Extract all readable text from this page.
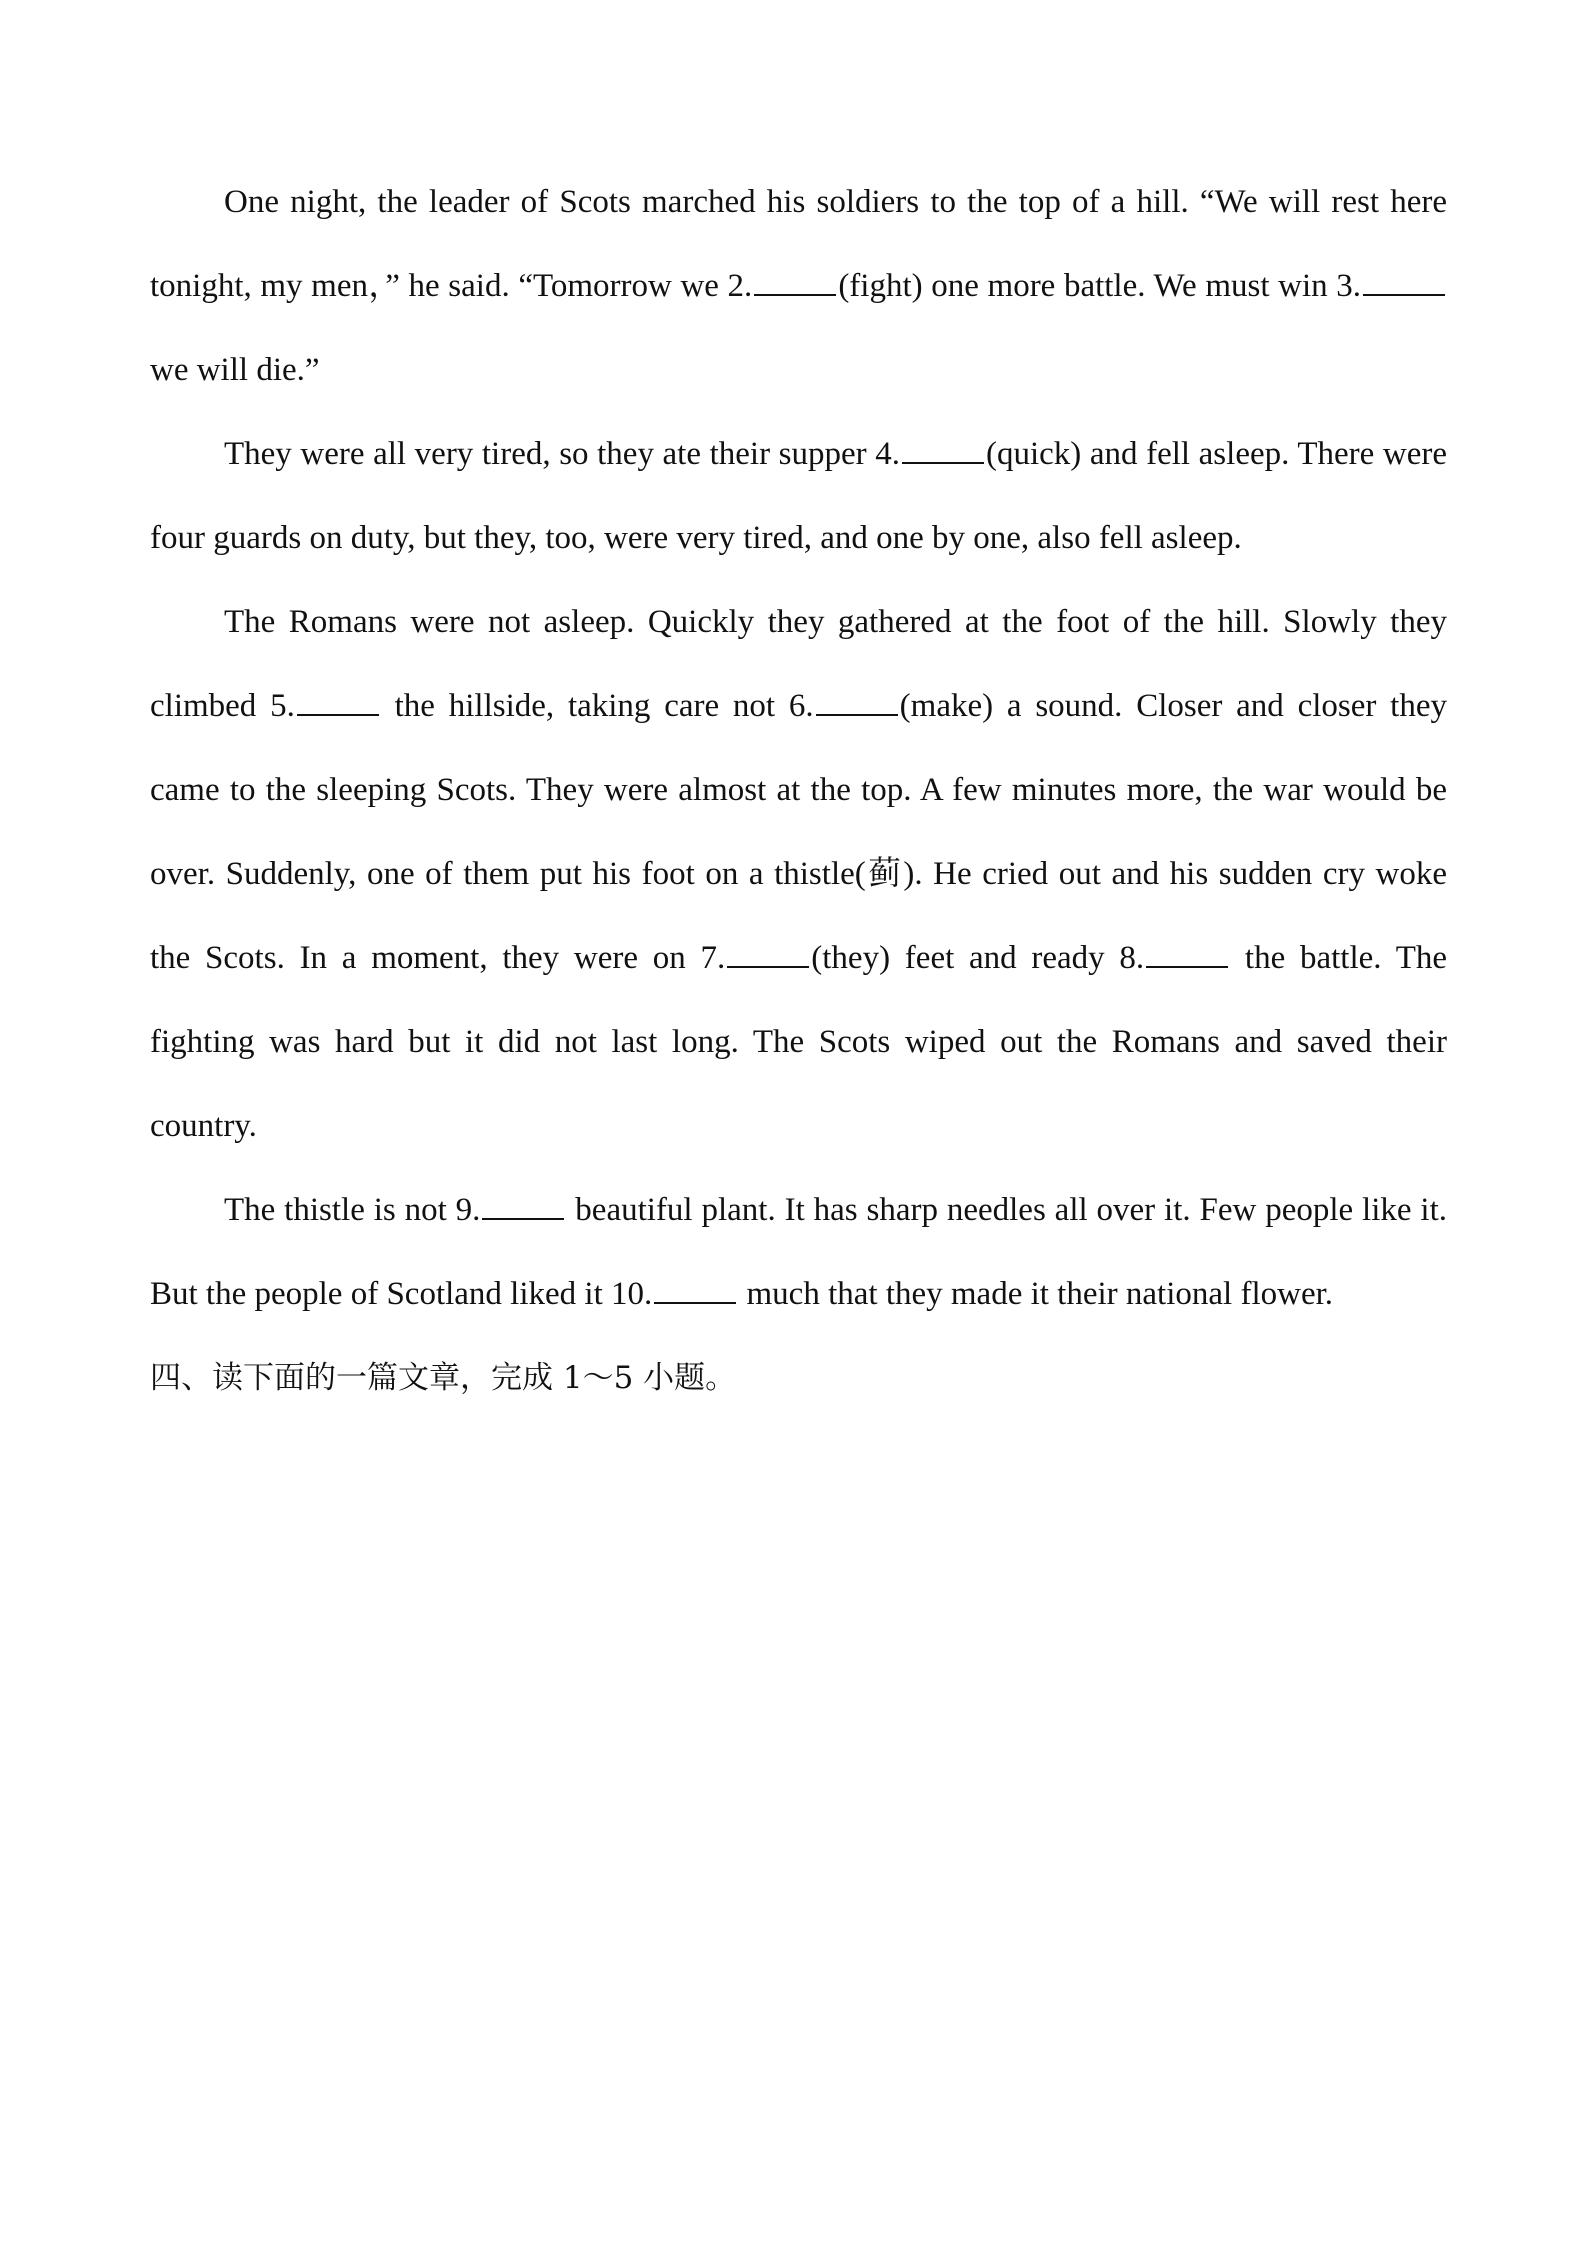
One night, the leader of Scots marched his soldiers to the top of a hill. “We will rest here tonight, my men，” he said. “Tomorrow we 2.	(fight) one more battle. We must win 3.we will die.”

They were all very tired, so they ate their supper 4.	(quick) and fell asleep. There were four guards on duty, but they, too, were very tired, and one by one, also fell asleep.

The Romans were not asleep. Quickly they gathered at the foot of the hill. Slowly they climbed 5.	the hillside, taking care not 6.	(make) a sound. Closer and closer they came to the sleeping Scots. They were almost at the top. A few minutes more, the war would be over. Suddenly, one of them put his foot on a thistle(蓟). He cried out and his sudden cry woke the Scots. In a moment, they were on 7.	(they) feet and ready 8.	the battle. The fighting was hard but it did not last long. The Scots wiped out the Romans and saved their country.

The thistle is not 9.	beautiful plant. It has sharp needles all over it. Few people like it. But the people of Scotland liked it 10.	much that they made it their national flower.

四、读下面的一篇文章，完成 1～5 小题。
